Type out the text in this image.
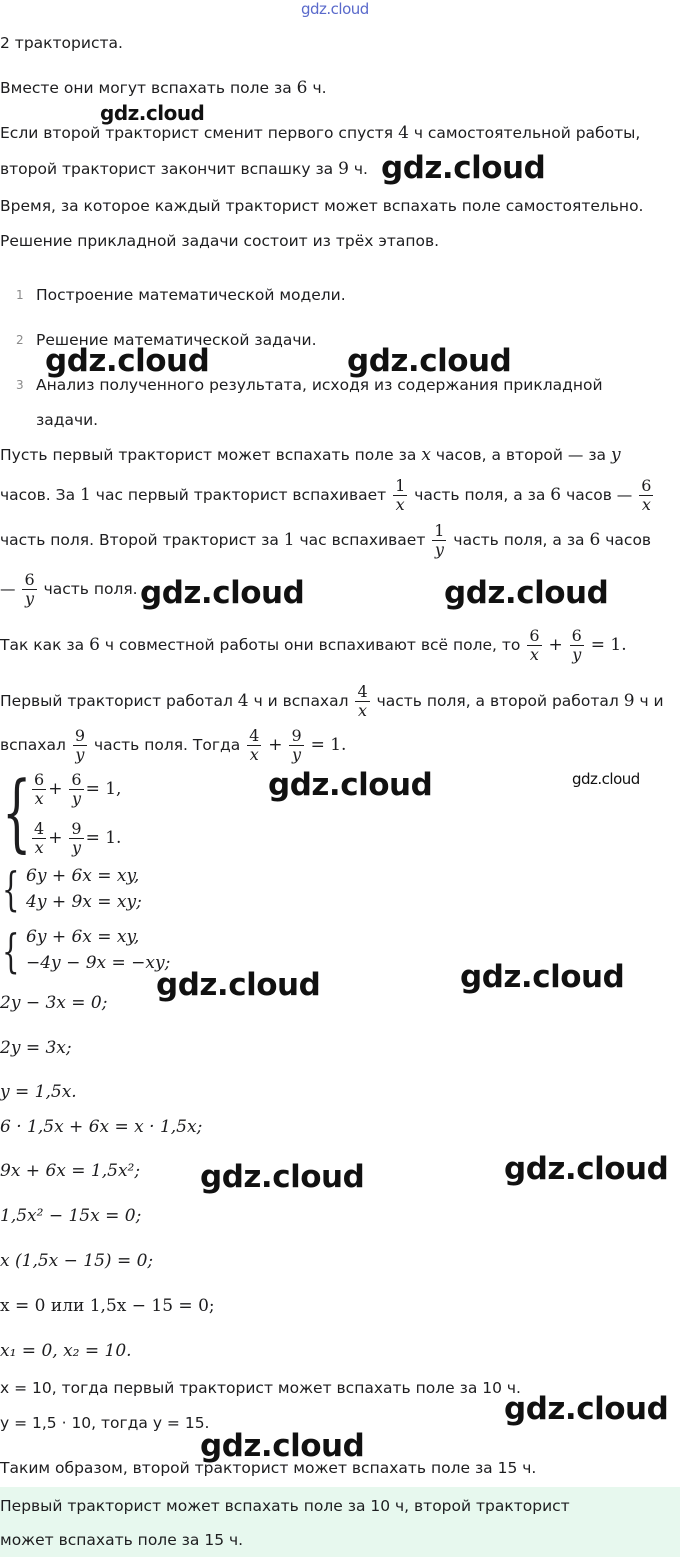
gdz.cloud
2 тракториста.
Вместе они могут вспахать поле за 6 ч.
Если второй тракторист сменит первого спустя 4 ч самостоятельной работы,
второй тракторист закончит вспашку за 9 ч.
Время, за которое каждый тракторист может вспахать поле самостоятельно.
Решение прикладной задачи состоит из трёх этапов.
1 Построение математической модели.
2 Решение математической задачи.
3 Анализ полученного результата, исходя из содержания прикладной
задачи.
Пусть первый тракторист может вспахать поле за x часов, а второй — за y
часов. За 1 час первый тракторист вспахивает $\frac{1}{x}$ часть поля, а за 6 часов — $\frac{6}{x}$
часть поля. Второй тракторист за 1 час вспахивает $\frac{1}{y}$ часть поля, а за 6 часов
— $\frac{6}{y}$ часть поля.
Так как за 6 ч совместной работы они вспахивают всё поле, то $\frac{6}{x} + \frac{6}{y} = 1$.
Первый тракторист работал 4 ч и вспахал $\frac{4}{x}$ часть поля, а второй работал 9 ч и
вспахал $\frac{9}{y}$ часть поля. Тогда $\frac{4}{x} + \frac{9}{y} = 1$.
{ $\frac{6}{x} + \frac{6}{y} = 1$,
$\frac{4}{x} + \frac{9}{y} = 1$.
{ 6y + 6x = xy,
4y + 9x = xy;
{ 6y + 6x = xy,
−4y − 9x = −xy;
2y − 3x = 0;
2y = 3x;
y = 1,5x.
6 · 1,5x + 6x = x · 1,5x;
9x + 6x = 1,5x²;
1,5x² − 15x = 0;
x (1,5x − 15) = 0;
x = 0 или 1,5x − 15 = 0;
x₁ = 0, x₂ = 10.
x = 10, тогда первый тракторист может вспахать поле за 10 ч.
y = 1,5 · 10, тогда y = 15.
Таким образом, второй тракторист может вспахать поле за 15 ч.
Первый тракторист может вспахать поле за 10 ч, второй тракторист
может вспахать поле за 15 ч.
gdz.cloud
gdz.cloud
gdz.cloud	gdz.cloud
gdz.cloud	gdz.cloud
gdz.cloud	gdz.cloud
gdz.cloud	gdz.cloud
gdz.cloud	gdz.cloud
gdz.cloud
gdz.cloud
